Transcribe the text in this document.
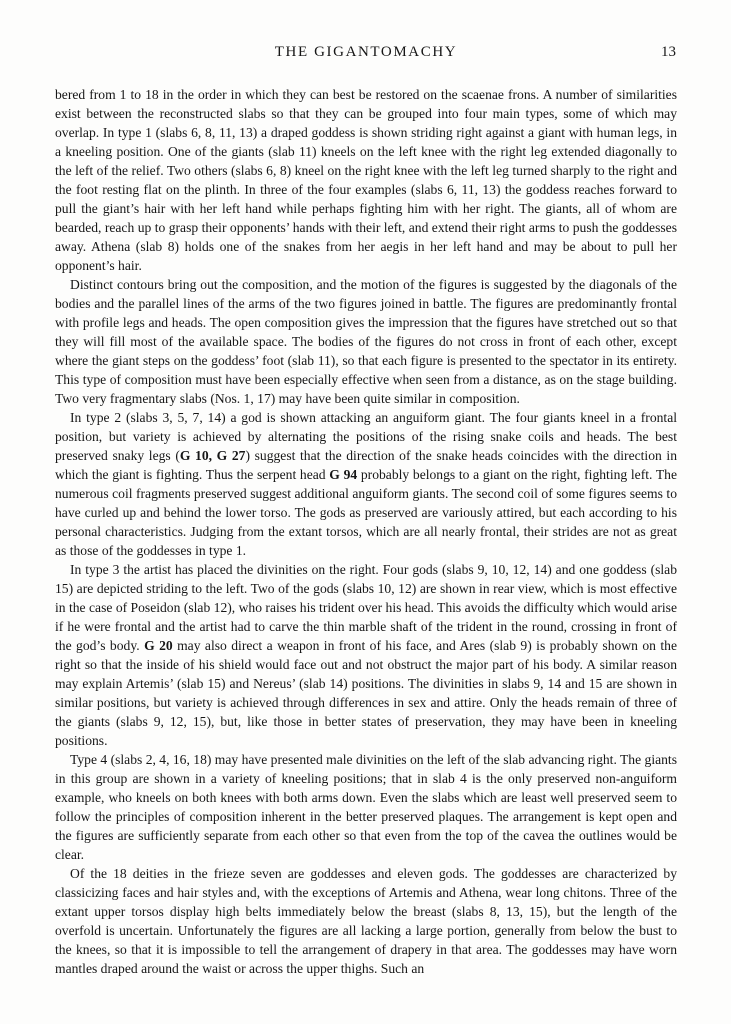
THE GIGANTOMACHY	13

bered from 1 to 18 in the order in which they can best be restored on the scaenae frons. A number of similarities exist between the reconstructed slabs so that they can be grouped into four main types, some of which may overlap. In type 1 (slabs 6, 8, 11, 13) a draped goddess is shown striding right against a giant with human legs, in a kneeling position. One of the giants (slab 11) kneels on the left knee with the right leg extended diagonally to the left of the relief. Two others (slabs 6, 8) kneel on the right knee with the left leg turned sharply to the right and the foot resting flat on the plinth. In three of the four examples (slabs 6, 11, 13) the goddess reaches forward to pull the giant’s hair with her left hand while perhaps fighting him with her right. The giants, all of whom are bearded, reach up to grasp their opponents’ hands with their left, and extend their right arms to push the goddesses away. Athena (slab 8) holds one of the snakes from her aegis in her left hand and may be about to pull her opponent’s hair.

Distinct contours bring out the composition, and the motion of the figures is suggested by the diagonals of the bodies and the parallel lines of the arms of the two figures joined in battle. The figures are predominantly frontal with profile legs and heads. The open composition gives the impression that the figures have stretched out so that they will fill most of the available space. The bodies of the figures do not cross in front of each other, except where the giant steps on the goddess’ foot (slab 11), so that each figure is presented to the spectator in its entirety. This type of composition must have been especially effective when seen from a distance, as on the stage building. Two very fragmentary slabs (Nos. 1, 17) may have been quite similar in composition.

In type 2 (slabs 3, 5, 7, 14) a god is shown attacking an anguiform giant. The four giants kneel in a frontal position, but variety is achieved by alternating the positions of the rising snake coils and heads. The best preserved snaky legs (G 10, G 27) suggest that the direction of the snake heads coincides with the direction in which the giant is fighting. Thus the serpent head G 94 probably belongs to a giant on the right, fighting left. The numerous coil fragments preserved suggest additional anguiform giants. The second coil of some figures seems to have curled up and behind the lower torso. The gods as preserved are variously attired, but each according to his personal characteristics. Judging from the extant torsos, which are all nearly frontal, their strides are not as great as those of the goddesses in type 1.

In type 3 the artist has placed the divinities on the right. Four gods (slabs 9, 10, 12, 14) and one goddess (slab 15) are depicted striding to the left. Two of the gods (slabs 10, 12) are shown in rear view, which is most effective in the case of Poseidon (slab 12), who raises his trident over his head. This avoids the difficulty which would arise if he were frontal and the artist had to carve the thin marble shaft of the trident in the round, crossing in front of the god’s body. G 20 may also direct a weapon in front of his face, and Ares (slab 9) is probably shown on the right so that the inside of his shield would face out and not obstruct the major part of his body. A similar reason may explain Artemis’ (slab 15) and Nereus’ (slab 14) positions. The divinities in slabs 9, 14 and 15 are shown in similar positions, but variety is achieved through differences in sex and attire. Only the heads remain of three of the giants (slabs 9, 12, 15), but, like those in better states of preservation, they may have been in kneeling positions.

Type 4 (slabs 2, 4, 16, 18) may have presented male divinities on the left of the slab advancing right. The giants in this group are shown in a variety of kneeling positions; that in slab 4 is the only preserved non-anguiform example, who kneels on both knees with both arms down. Even the slabs which are least well preserved seem to follow the principles of composition inherent in the better preserved plaques. The arrangement is kept open and the figures are sufficiently separate from each other so that even from the top of the cavea the outlines would be clear.

Of the 18 deities in the frieze seven are goddesses and eleven gods. The goddesses are characterized by classicizing faces and hair styles and, with the exceptions of Artemis and Athena, wear long chitons. Three of the extant upper torsos display high belts immediately below the breast (slabs 8, 13, 15), but the length of the overfold is uncertain. Unfortunately the figures are all lacking a large portion, generally from below the bust to the knees, so that it is impossible to tell the arrangement of drapery in that area. The goddesses may have worn mantles draped around the waist or across the upper thighs. Such an
